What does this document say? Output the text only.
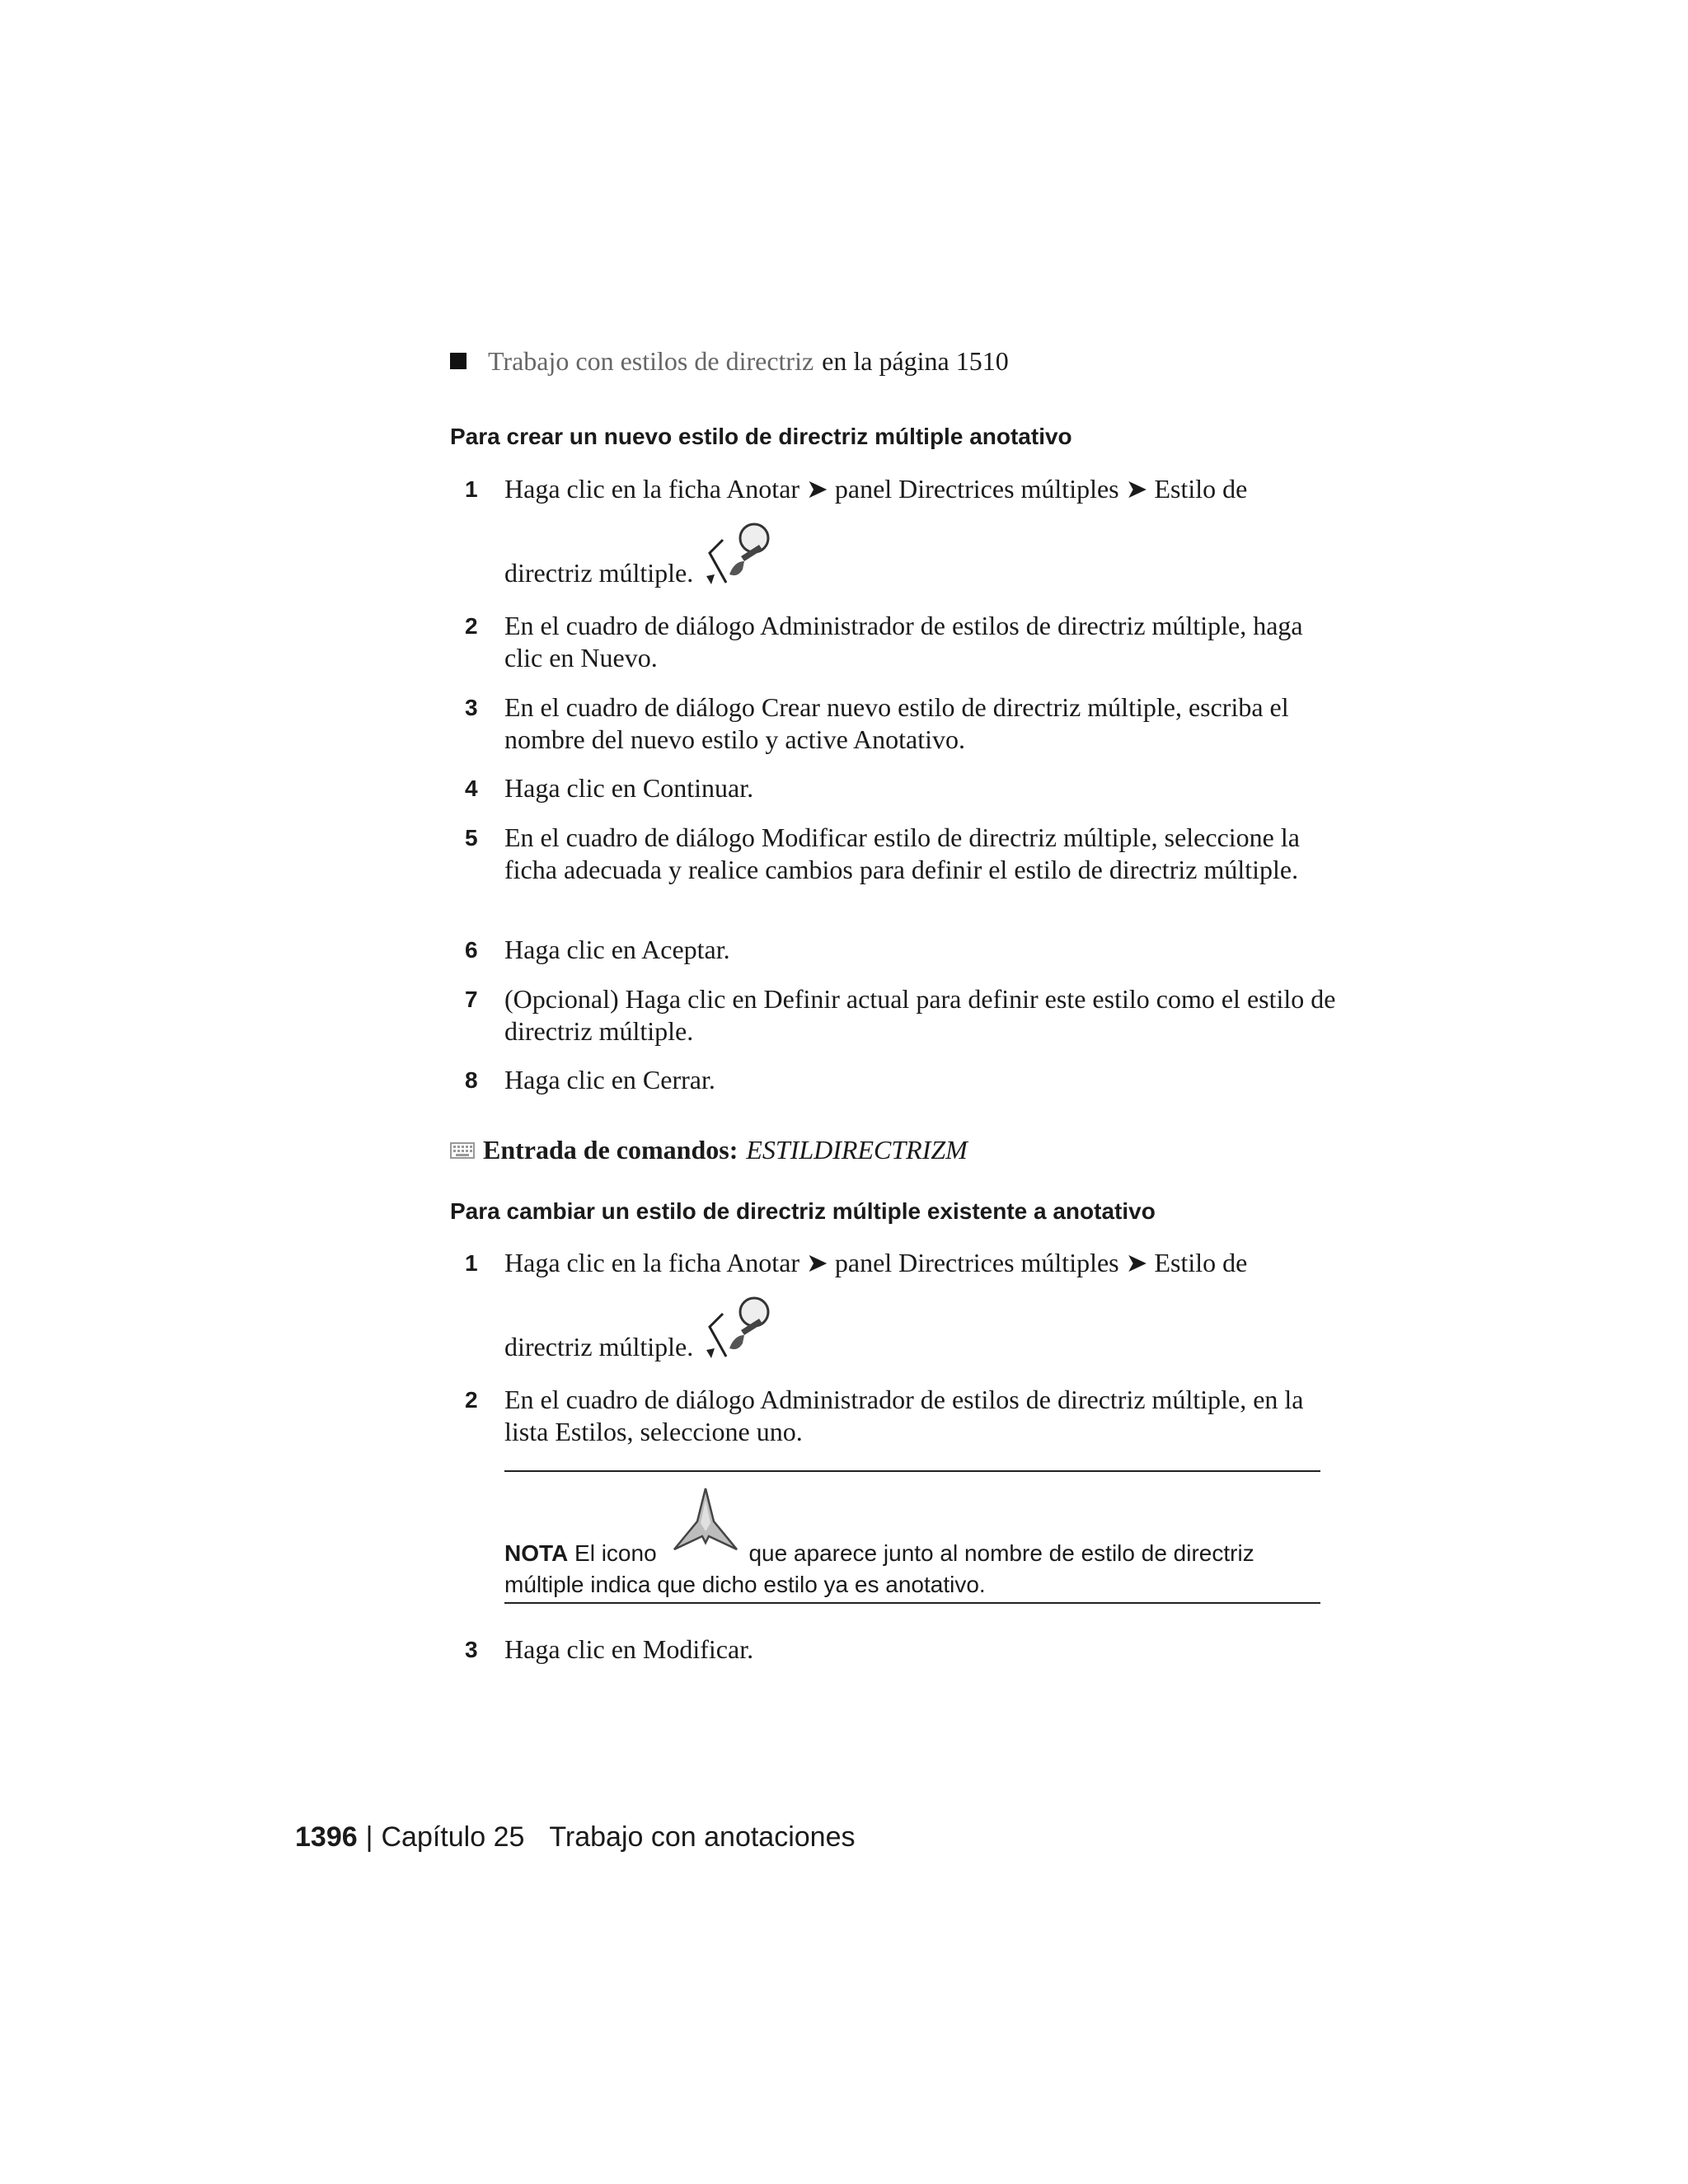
Trabajo con estilos de directriz en la página 1510
Para crear un nuevo estilo de directriz múltiple anotativo
1 Haga clic en la ficha Anotar ➤ panel Directrices múltiples ➤ Estilo de
directriz múltiple.
2 En el cuadro de diálogo Administrador de estilos de directriz múltiple, haga clic en Nuevo.
3 En el cuadro de diálogo Crear nuevo estilo de directriz múltiple, escriba el nombre del nuevo estilo y active Anotativo.
4 Haga clic en Continuar.
5 En el cuadro de diálogo Modificar estilo de directriz múltiple, seleccione la ficha adecuada y realice cambios para definir el estilo de directriz múltiple.
6 Haga clic en Aceptar.
7 (Opcional) Haga clic en Definir actual para definir este estilo como el estilo de directriz múltiple.
8 Haga clic en Cerrar.
Entrada de comandos: ESTILDIRECTRIZM
Para cambiar un estilo de directriz múltiple existente a anotativo
1 Haga clic en la ficha Anotar ➤ panel Directrices múltiples ➤ Estilo de
directriz múltiple.
2 En el cuadro de diálogo Administrador de estilos de directriz múltiple, en la lista Estilos, seleccione uno.
NOTA El icono	que aparece junto al nombre de estilo de directriz múltiple indica que dicho estilo ya es anotativo.
3 Haga clic en Modificar.
1396 | Capítulo 25 Trabajo con anotaciones
